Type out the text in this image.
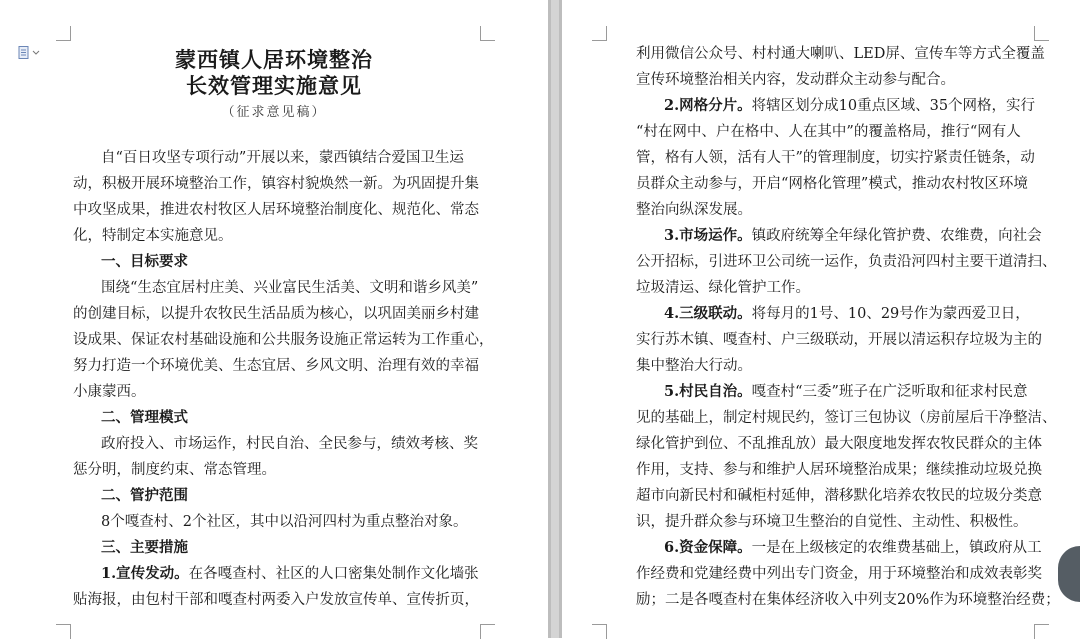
蒙西镇人居环境整治
长效管理实施意见
（征求意见稿）
自“百日攻坚专项行动”开展以来，蒙西镇结合爱国卫生运
动，积极开展环境整治工作，镇容村貌焕然一新。为巩固提升集
中攻坚成果，推进农村牧区人居环境整治制度化、规范化、常态
化，特制定本实施意见。
一、目标要求
围绕“生态宜居村庄美、兴业富民生活美、文明和谐乡风美”
的创建目标，以提升农牧民生活品质为核心，以巩固美丽乡村建
设成果、保证农村基础设施和公共服务设施正常运转为工作重心，
努力打造一个环境优美、生态宜居、乡风文明、治理有效的幸福
小康蒙西。
二、管理模式
政府投入、市场运作，村民自治、全民参与，绩效考核、奖
惩分明，制度约束、常态管理。
二、管护范围
8个嘎查村、2个社区，其中以沿河四村为重点整治对象。
三、主要措施
1.宣传发动。在各嘎查村、社区的人口密集处制作文化墙张
贴海报，由包村干部和嘎查村两委入户发放宣传单、宣传折页，
利用微信公众号、村村通大喇叭、LED屏、宣传车等方式全覆盖
宣传环境整治相关内容，发动群众主动参与配合。
2.网格分片。将辖区划分成10重点区域、35个网格，实行
“村在网中、户在格中、人在其中”的覆盖格局，推行“网有人
管，格有人领，活有人干”的管理制度，切实拧紧责任链条，动
员群众主动参与，开启“网格化管理”模式，推动农村牧区环境
整治向纵深发展。
3.市场运作。镇政府统筹全年绿化管护费、农维费，向社会
公开招标，引进环卫公司统一运作，负责沿河四村主要干道清扫、
垃圾清运、绿化管护工作。
4.三级联动。将每月的1号、10、29号作为蒙西爱卫日，
实行苏木镇、嘎查村、户三级联动，开展以清运积存垃圾为主的
集中整治大行动。
5.村民自治。嘎查村“三委”班子在广泛听取和征求村民意
见的基础上，制定村规民约，签订三包协议（房前屋后干净整洁、
绿化管护到位、不乱推乱放）最大限度地发挥农牧民群众的主体
作用，支持、参与和维护人居环境整治成果；继续推动垃圾兑换
超市向新民村和碱柜村延伸，潜移默化培养农牧民的垃圾分类意
识，提升群众参与环境卫生整治的自觉性、主动性、积极性。
6.资金保障。一是在上级核定的农维费基础上，镇政府从工
作经费和党建经费中列出专门资金，用于环境整治和成效表彰奖
励；二是各嘎查村在集体经济收入中列支20%作为环境整治经费；
